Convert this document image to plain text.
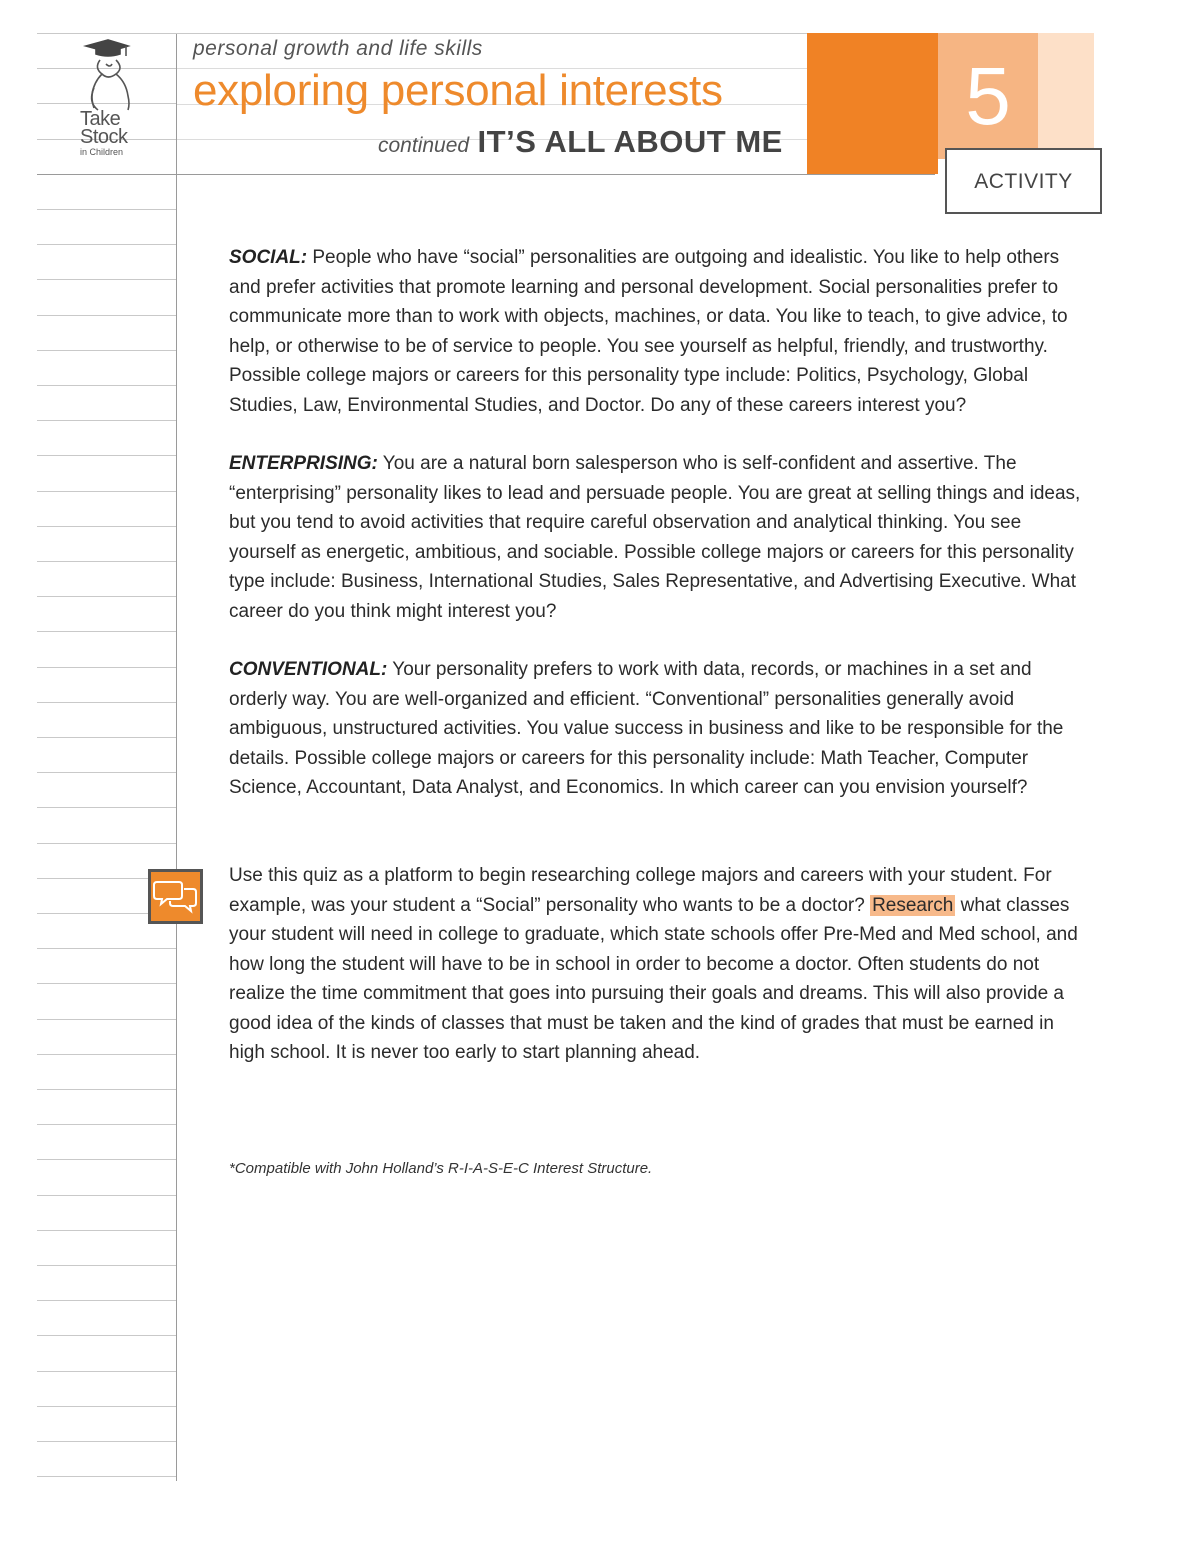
Take
Stock
in Children
personal growth and life skills
exploring personal interests
continued IT’S ALL ABOUT ME	5
ACTIVITY

SOCIAL: People who have “social” personalities are outgoing and idealistic. You like to help others and prefer activities that promote learning and personal development. Social personalities prefer to communicate more than to work with objects, machines, or data. You like to teach, to give advice, to help, or otherwise to be of service to people. You see yourself as helpful, friendly, and trustworthy. Possible college majors or careers for this personality type include: Politics, Psychology, Global Studies, Law, Environmental Studies, and Doctor. Do any of these careers interest you?

ENTERPRISING: You are a natural born salesperson who is self-confident and assertive. The “enterprising” personality likes to lead and persuade people. You are great at selling things and ideas, but you tend to avoid activities that require careful observation and analytical thinking. You see yourself as energetic, ambitious, and sociable. Possible college majors or careers for this personality type include: Business, International Studies, Sales Representative, and Advertising Executive. What career do you think might interest you?

CONVENTIONAL: Your personality prefers to work with data, records, or machines in a set and orderly way. You are well-organized and efficient. “Conventional” personalities generally avoid ambiguous, unstructured activities. You value success in business and like to be responsible for the details. Possible college majors or careers for this personality include: Math Teacher, Computer Science, Accountant, Data Analyst, and Economics. In which career can you envision yourself?

Use this quiz as a platform to begin researching college majors and careers with your student. For example, was your student a “Social” personality who wants to be a doctor? Research what classes your student will need in college to graduate, which state schools offer Pre-Med and Med school, and how long the student will have to be in school in order to become a doctor. Often students do not realize the time commitment that goes into pursuing their goals and dreams. This will also provide a good idea of the kinds of classes that must be taken and the kind of grades that must be earned in high school. It is never too early to start planning ahead.

*Compatible with John Holland’s R-I-A-S-E-C Interest Structure.
